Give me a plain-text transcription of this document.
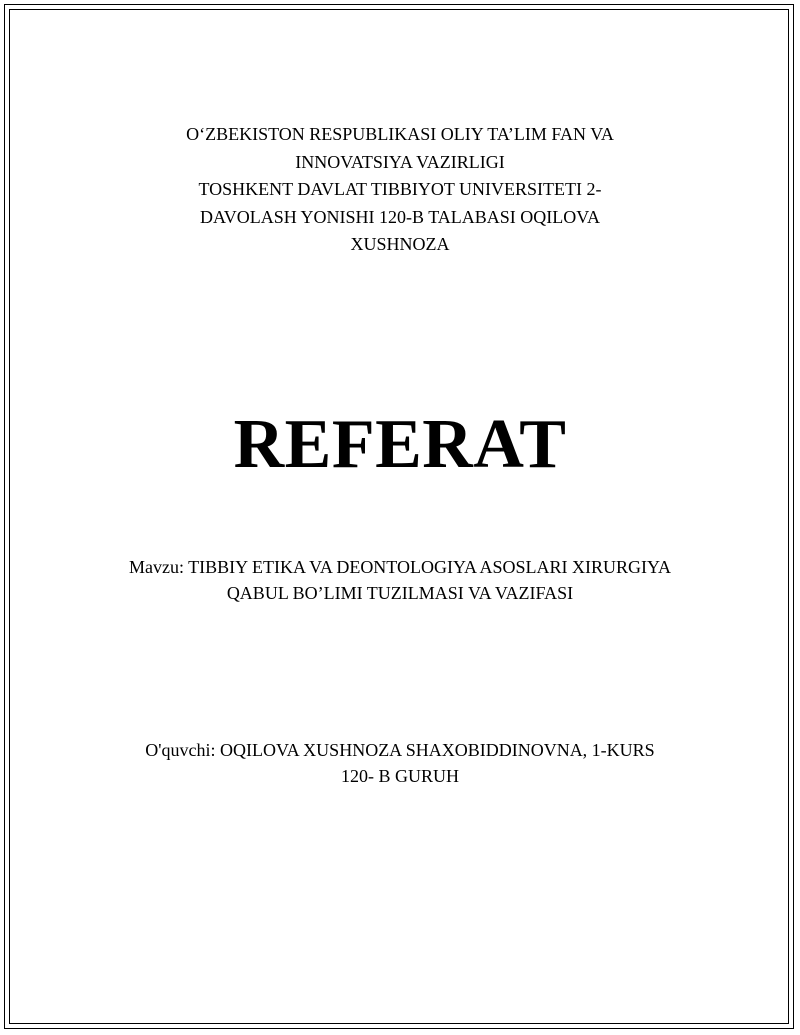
O‘ZBEKISTON RESPUBLIKASI OLIY TA’LIM FAN VA
INNOVATSIYA VAZIRLIGI
TOSHKENT DAVLAT TIBBIYOT UNIVERSITETI 2-
DAVOLASH YONISHI 120-B TALABASI OQILOVA
XUSHNOZA
REFERAT
Mavzu: TIBBIY ETIKA VA DEONTOLOGIYA ASOSLARI XIRURGIYA
QABUL BO’LIMI TUZILMASI VA VAZIFASI
O'quvchi: OQILOVA XUSHNOZA SHAXOBIDDINOVNA, 1-KURS
120- B GURUH
